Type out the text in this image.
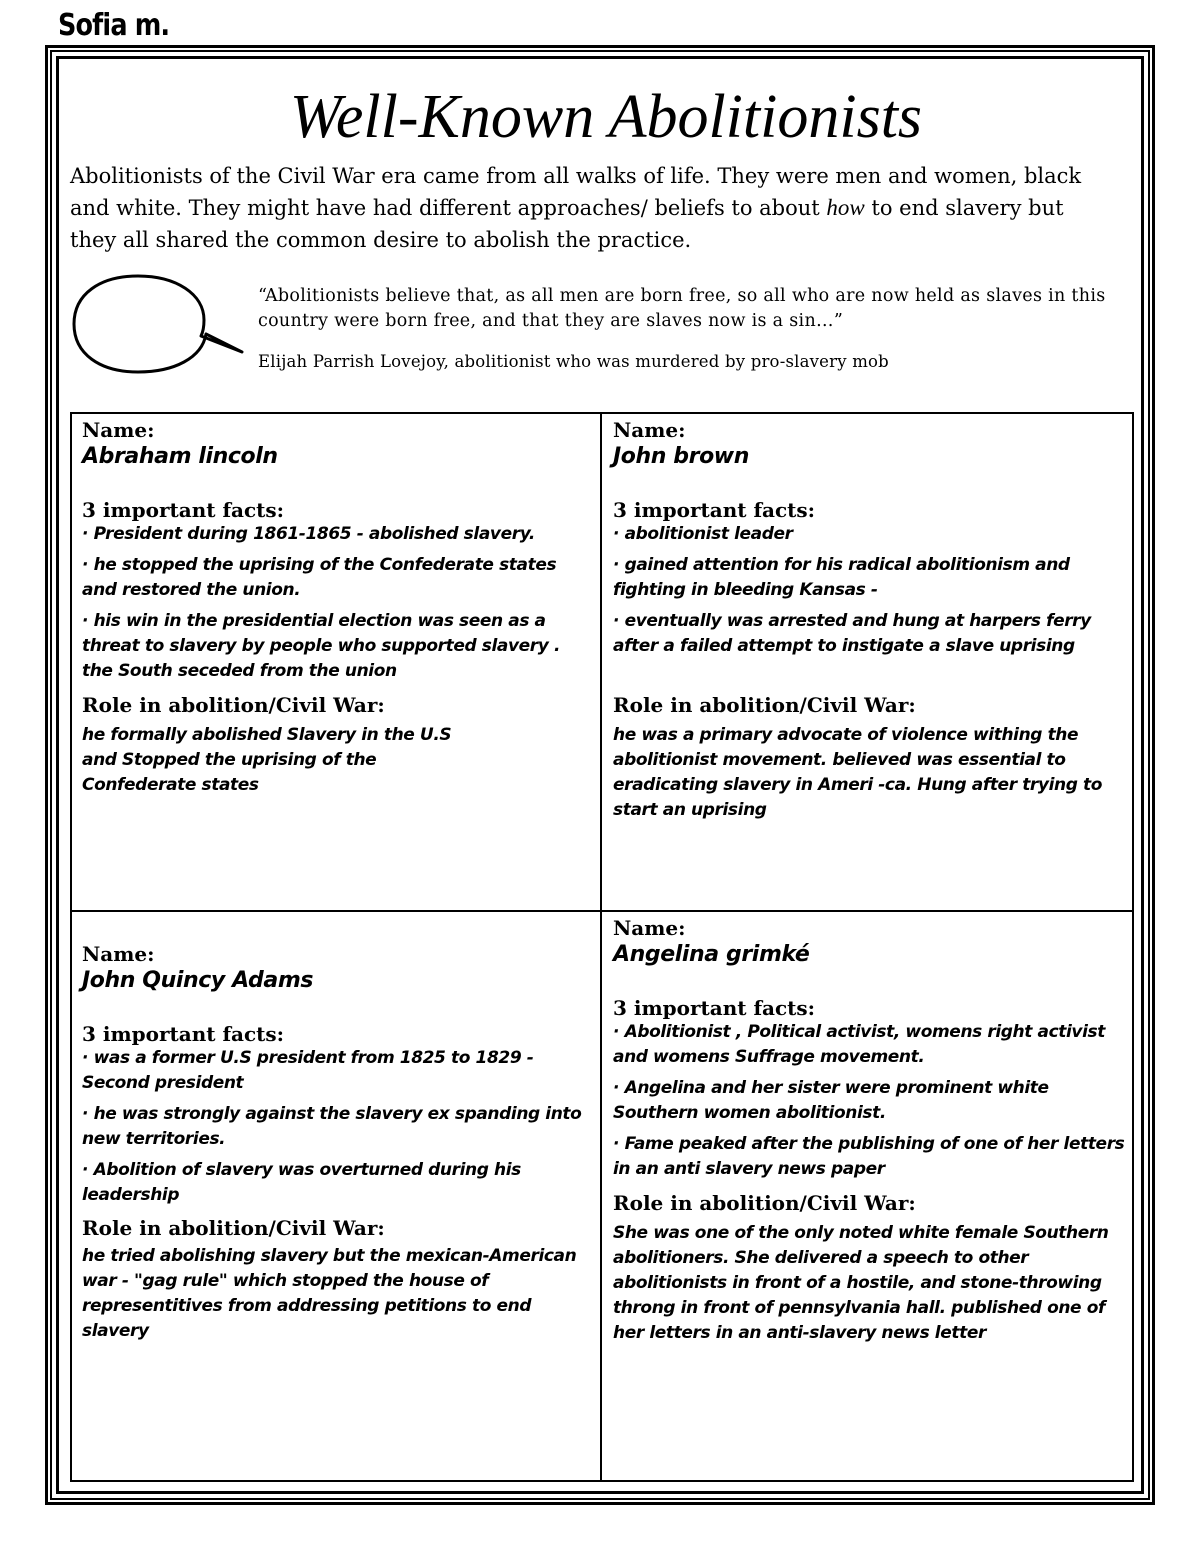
Sofia m.
Well-Known Abolitionists

Abolitionists of the Civil War era came from all walks of life. They were men and women, black and white. They might have had different approaches/ beliefs to about how to end slavery but they all shared the common desire to abolish the practice.

“Abolitionists believe that, as all men are born free, so all who are now held as slaves in this country were born free, and that they are slaves now is a sin…”

Elijah Parrish Lovejoy, abolitionist who was murdered by pro-slavery mob

Name:
Abraham lincoln
3 important facts:
· President during 1861-1865 - abolished slavery.
· he stopped the uprising of the Confederate states and restored the union.
· his win in the presidential election was seen as a threat to slavery by people who supported slavery . the South seceded from the union
Role in abolition/Civil War:
he formally abolished Slavery in the U.S and Stopped the uprising of the Confederate states
Name:
John brown
3 important facts:
· abolitionist leader
· gained attention for his radical abolitionism and fighting in bleeding Kansas -
· eventually was arrested and hung at harpers ferry after a failed attempt to instigate a slave uprising
Role in abolition/Civil War:
he was a primary advocate of violence withing the abolitionist movement. believed was essential to eradicating slavery in Ameri -ca. Hung after trying to start an uprising
Name:
John Quincy Adams
3 important facts:
· was a former U.S president from 1825 to 1829 - Second president
· he was strongly against the slavery ex spanding into new territories.
· Abolition of slavery was overturned during his leadership
Role in abolition/Civil War:
he tried abolishing slavery but the mexican-American war - "gag rule" which stopped the house of representitives from addressing petitions to end slavery
Name:
Angelina grimké
3 important facts:
· Abolitionist , Political activist, womens right activist and womens Suffrage movement.
· Angelina and her sister were prominent white Southern women abolitionist.
· Fame peaked after the publishing of one of her letters in an anti slavery news paper
Role in abolition/Civil War:
She was one of the only noted white female Southern abolitioners. She delivered a speech to other abolitionists in front of a hostile, and stone-throwing throng in front of pennsylvania hall. published one of her letters in an anti-slavery news letter
